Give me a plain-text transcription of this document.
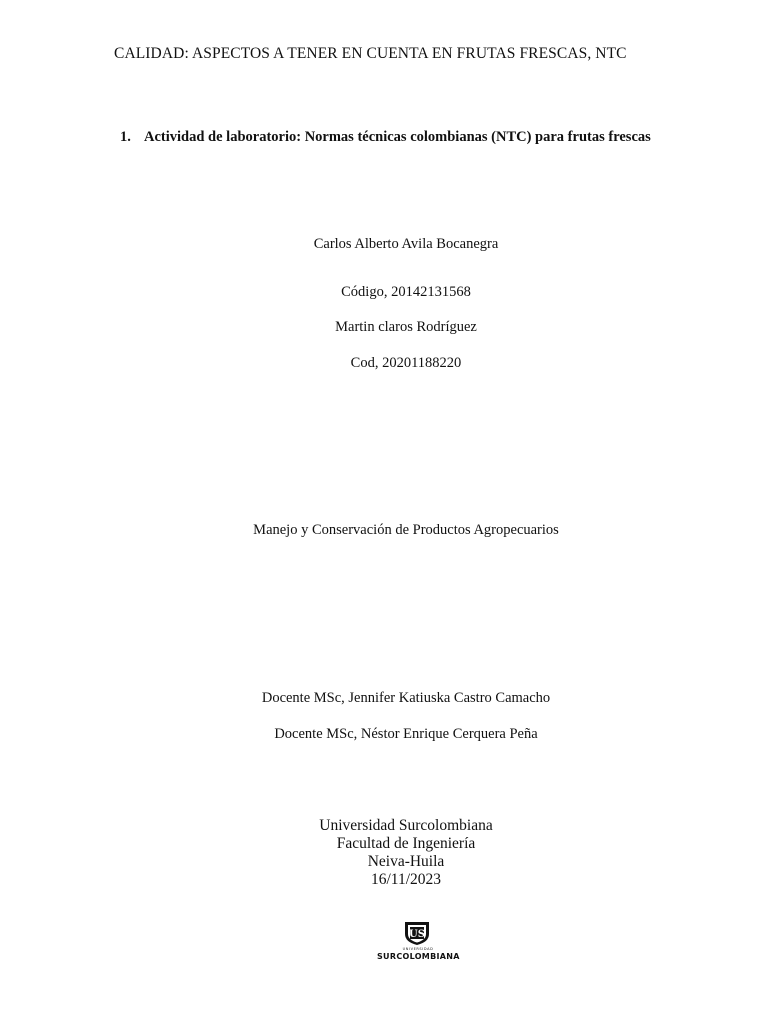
CALIDAD: ASPECTOS A TENER EN CUENTA EN FRUTAS FRESCAS, NTC
1. Actividad de laboratorio: Normas técnicas colombianas (NTC) para frutas frescas
Carlos Alberto Avila Bocanegra
Código, 20142131568
Martin claros Rodríguez
Cod, 20201188220
Manejo y Conservación de Productos Agropecuarios
Docente MSc, Jennifer Katiuska Castro Camacho
Docente MSc, Néstor Enrique Cerquera Peña
Universidad Surcolombiana
Facultad de Ingeniería
Neiva-Huila
16/11/2023
US
UNIVERSIDAD
SURCOLOMBIANA
